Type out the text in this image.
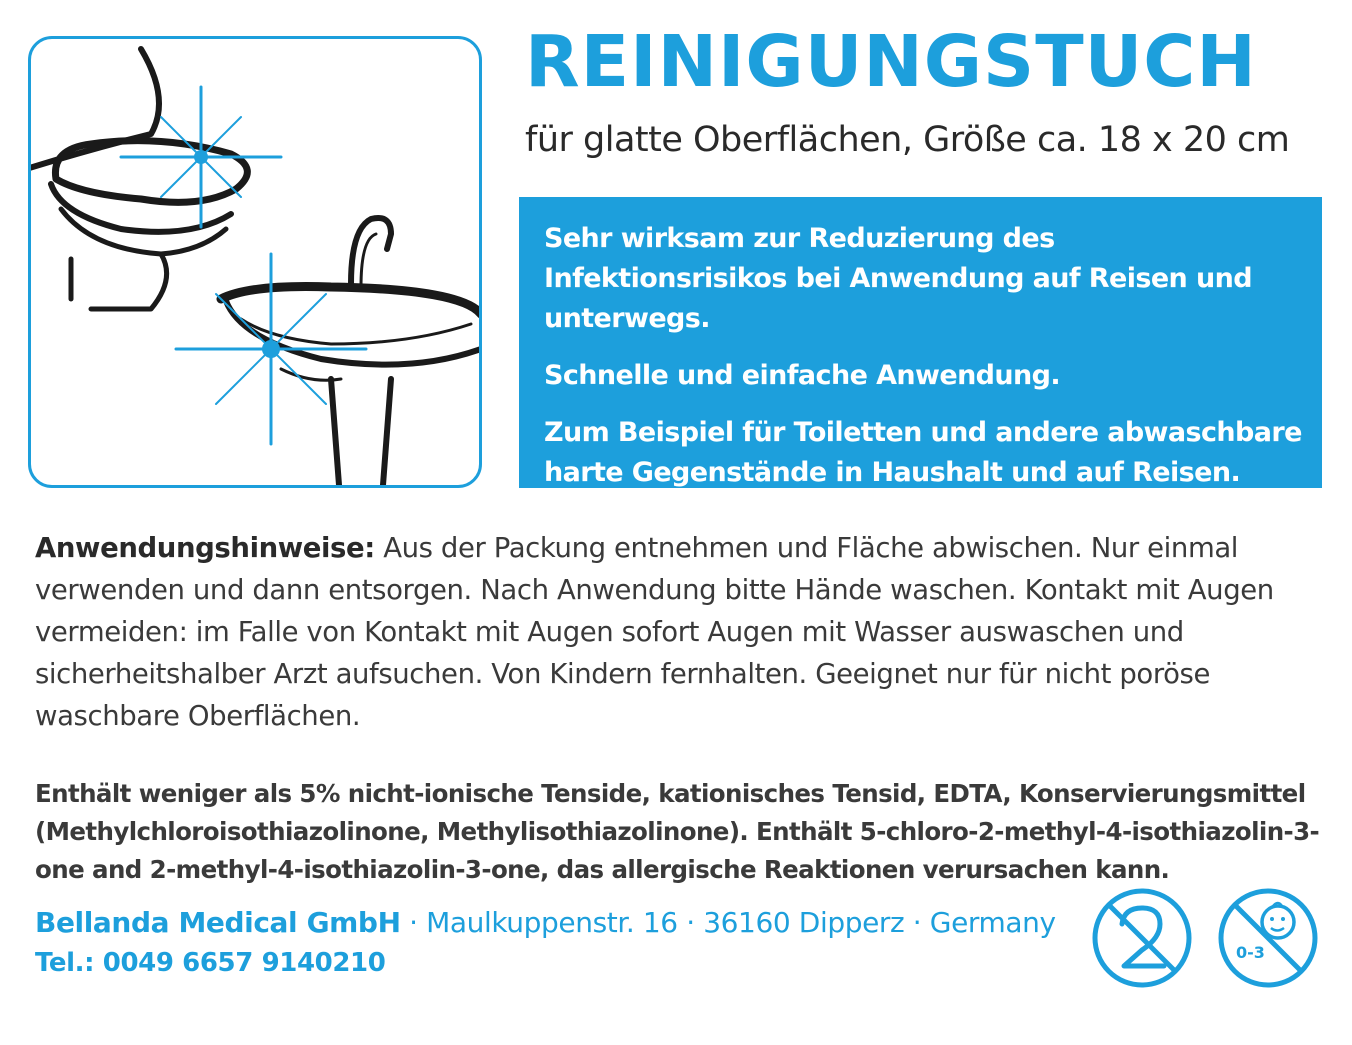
REINIGUNGSTUCH

für glatte Oberflächen, Größe ca. 18 x 20 cm

Sehr wirksam zur Reduzierung des Infektionsrisikos bei Anwendung auf Reisen und unterwegs.

Schnelle und einfache Anwendung.

Zum Beispiel für Toiletten und andere abwaschbare harte Gegenstände in Haushalt und auf Reisen.

Anwendungshinweise: Aus der Packung entnehmen und Fläche abwischen. Nur einmal verwenden und dann entsorgen. Nach Anwendung bitte Hände waschen. Kontakt mit Augen vermeiden: im Falle von Kontakt mit Augen sofort Augen mit Wasser auswaschen und sicherheitshalber Arzt aufsuchen. Von Kindern fernhalten. Geeignet nur für nicht poröse waschbare Oberflächen.

Enthält weniger als 5% nicht-ionische Tenside, kationisches Tensid, EDTA, Konservierungsmittel (Methylchloroisothiazolinone, Methylisothiazolinone). Enthält 5-chloro-2-methyl-4-isothiazolin-3-one and 2-methyl-4-isothiazolin-3-one, das allergische Reaktionen verursachen kann.

Bellanda Medical GmbH · Maulkuppenstr. 16 · 36160 Dipperz · Germany

Tel.: 0049 6657 9140210	0-3
